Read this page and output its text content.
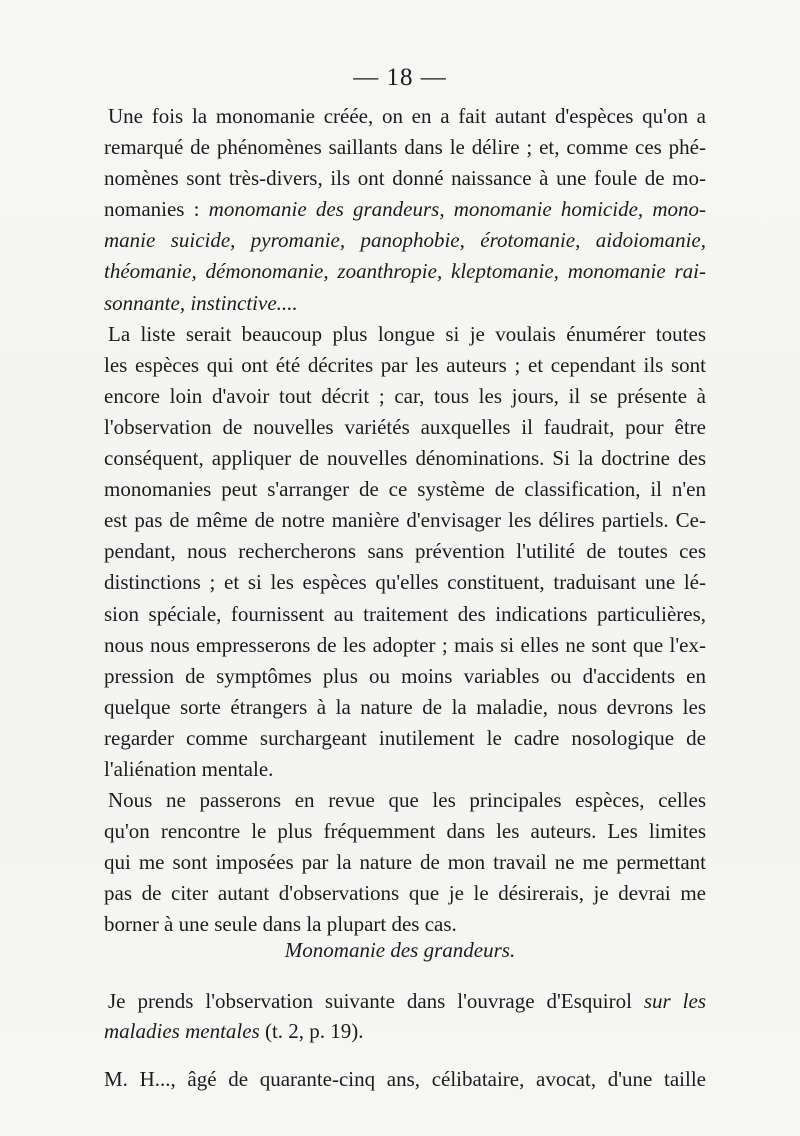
— 18 —
Une fois la monomanie créée, on en a fait autant d'espèces qu'on a
remarqué de phénomènes saillants dans le délire ; et, comme ces phé-
nomènes sont très-divers, ils ont donné naissance à une foule de mo-
nomanies : monomanie des grandeurs, monomanie homicide, mono-
manie suicide, pyromanie, panophobie, érotomanie, aidoiomanie,
théomanie, démonomanie, zoanthropie, kleptomanie, monomanie rai-
sonnante, instinctive....
La liste serait beaucoup plus longue si je voulais énumérer toutes
les espèces qui ont été décrites par les auteurs ; et cependant ils sont
encore loin d'avoir tout décrit ; car, tous les jours, il se présente à
l'observation de nouvelles variétés auxquelles il faudrait, pour être
conséquent, appliquer de nouvelles dénominations. Si la doctrine des
monomanies peut s'arranger de ce système de classification, il n'en
est pas de même de notre manière d'envisager les délires partiels. Ce-
pendant, nous rechercherons sans prévention l'utilité de toutes ces
distinctions ; et si les espèces qu'elles constituent, traduisant une lé-
sion spéciale, fournissent au traitement des indications particulières,
nous nous empresserons de les adopter ; mais si elles ne sont que l'ex-
pression de symptômes plus ou moins variables ou d'accidents en
quelque sorte étrangers à la nature de la maladie, nous devrons les
regarder comme surchargeant inutilement le cadre nosologique de
l'aliénation mentale.
Nous ne passerons en revue que les principales espèces, celles
qu'on rencontre le plus fréquemment dans les auteurs. Les limites
qui me sont imposées par la nature de mon travail ne me permettant
pas de citer autant d'observations que je le désirerais, je devrai me
borner à une seule dans la plupart des cas.
Monomanie des grandeurs.
Je prends l'observation suivante dans l'ouvrage d'Esquirol sur les
maladies mentales (t. 2, p. 19).
M. H..., âgé de quarante-cinq ans, célibataire, avocat, d'une taille
